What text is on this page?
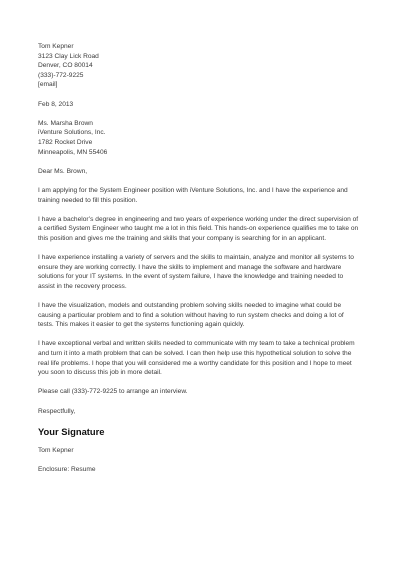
Tom Kepner
3123 Clay Lick Road
Denver, CO 80014
(333)-772-9225
[email]
Feb 8, 2013
Ms. Marsha Brown
iVenture Solutions, Inc.
1782 Rocket Drive
Minneapolis, MN 55406

Dear Ms. Brown,

I am applying for the System Engineer position with iVenture Solutions, Inc. and I have the experience and training needed to fill this position.

I have a bachelor’s degree in engineering and two years of experience working under the direct supervision of a certified System Engineer who taught me a lot in this field. This hands-on experience qualifies me to take on this position and gives me the training and skills that your company is searching for in an applicant.

I have experience installing a variety of servers and the skills to maintain, analyze and monitor all systems to ensure they are working correctly. I have the skills to implement and manage the software and hardware solutions for your IT systems. In the event of system failure, I have the knowledge and training needed to assist in the recovery process.

I have the visualization, models and outstanding problem solving skills needed to imagine what could be causing a particular problem and to find a solution without having to run system checks and doing a lot of tests. This makes it easier to get the systems functioning again quickly.

I have exceptional verbal and written skills needed to communicate with my team to take a technical problem and turn it into a math problem that can be solved. I can then help use this hypothetical solution to solve the real life problems. I hope that you will considered me a worthy candidate for this position and I hope to meet you soon to discuss this job in more detail.

Please call (333)-772-9225 to arrange an interview.

Respectfully,

Your Signature

Tom Kepner

Enclosure: Resume
